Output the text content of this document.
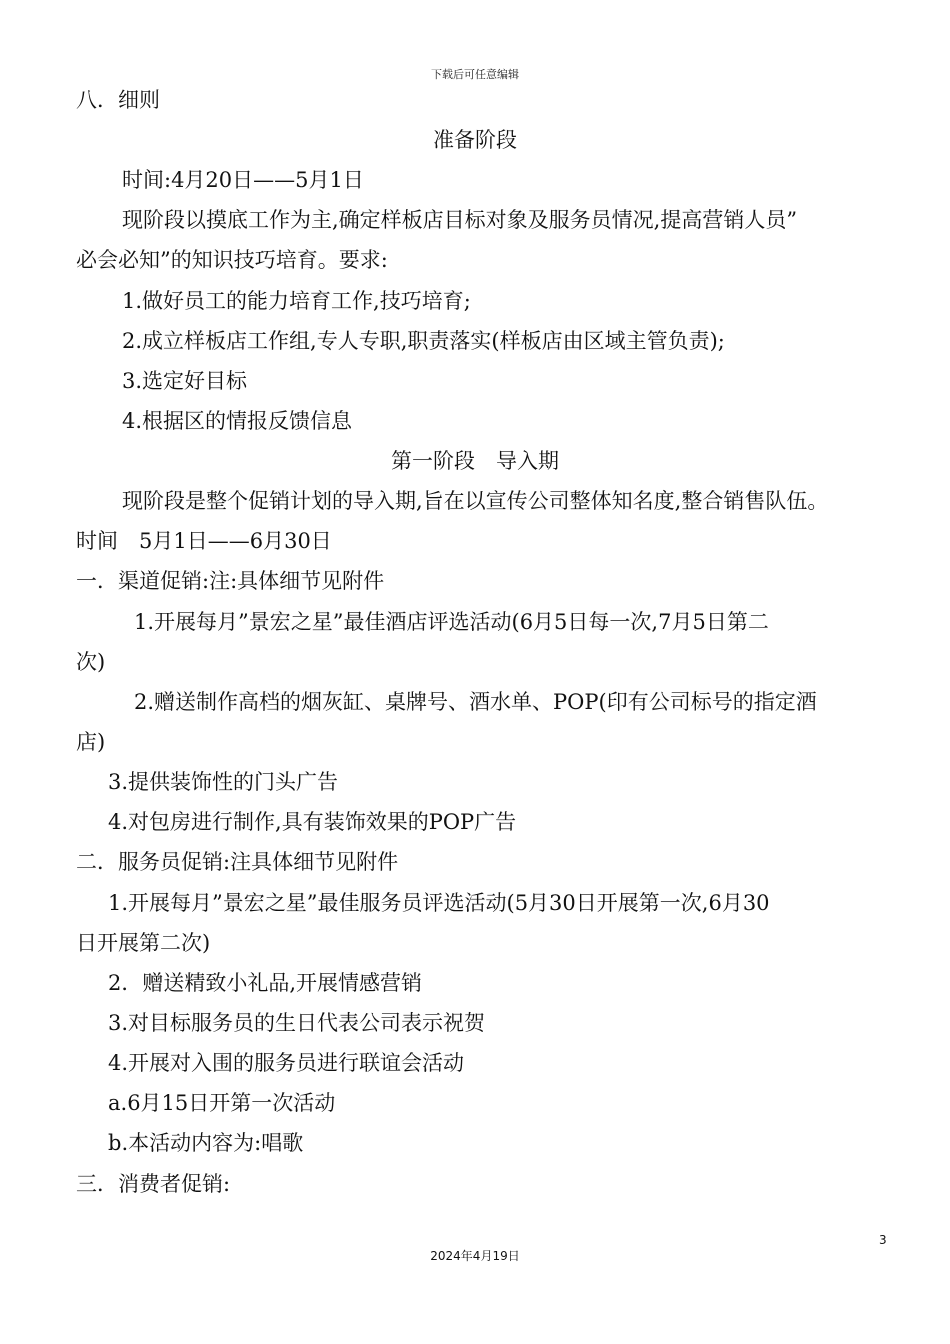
下载后可任意编辑
八．细则
准备阶段
时间:4月20日——5月1日
现阶段以摸底工作为主,确定样板店目标对象及服务员情况,提高营销人员”
必会必知”的知识技巧培育。要求:
1.做好员工的能力培育工作,技巧培育;
2.成立样板店工作组,专人专职,职责落实(样板店由区域主管负责);
3.选定好目标
4.根据区的情报反馈信息
第一阶段　导入期
现阶段是整个促销计划的导入期,旨在以宣传公司整体知名度,整合销售队伍。
时间　5月1日——6月30日
一．渠道促销:注:具体细节见附件
1.开展每月”景宏之星”最佳酒店评选活动(6月5日每一次,7月5日第二
次)
2.赠送制作高档的烟灰缸、桌牌号、酒水单、POP(印有公司标号的指定酒
店)
3.提供装饰性的门头广告
4.对包房进行制作,具有装饰效果的POP广告
二．服务员促销:注具体细节见附件
1.开展每月”景宏之星”最佳服务员评选活动(5月30日开展第一次,6月30
日开展第二次)
2．赠送精致小礼品,开展情感营销
3.对目标服务员的生日代表公司表示祝贺
4.开展对入围的服务员进行联谊会活动
a.6月15日开第一次活动
b.本活动内容为:唱歌
三．消费者促销:
3
2024年4月19日
